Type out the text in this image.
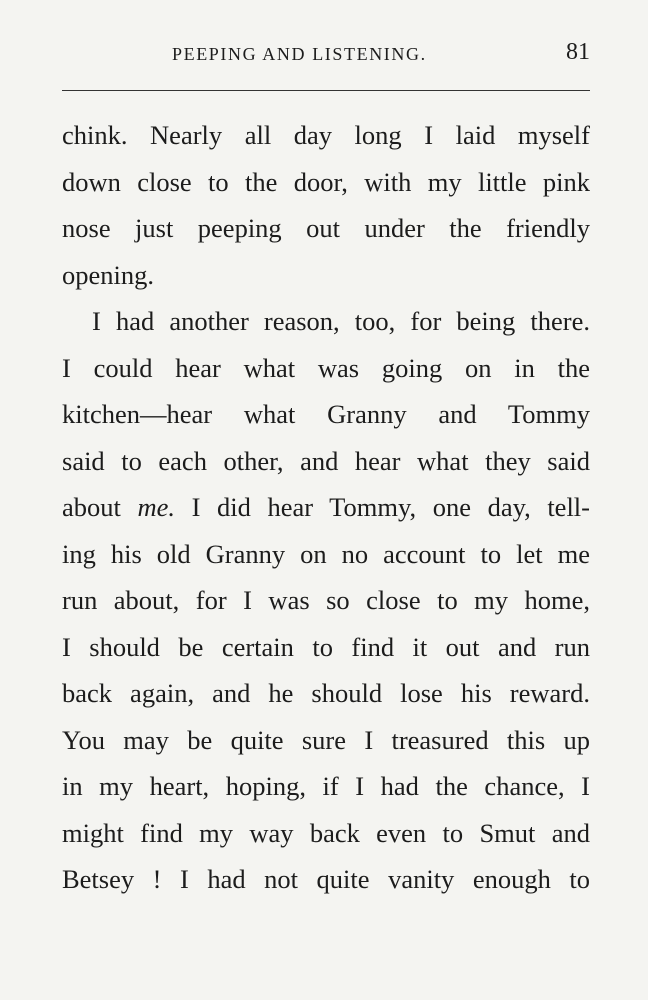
PEEPING AND LISTENING.	81
chink. Nearly all day long I laid myself
down close to the door, with my little pink
nose just peeping out under the friendly
opening.
I had another reason, too, for being there.
I could hear what was going on in the
kitchen—hear what Granny and Tommy
said to each other, and hear what they said
about me. I did hear Tommy, one day, tell-
ing his old Granny on no account to let me
run about, for I was so close to my home,
I should be certain to find it out and run
back again, and he should lose his reward.
You may be quite sure I treasured this up
in my heart, hoping, if I had the chance, I
might find my way back even to Smut and
Betsey ! I had not quite vanity enough to
